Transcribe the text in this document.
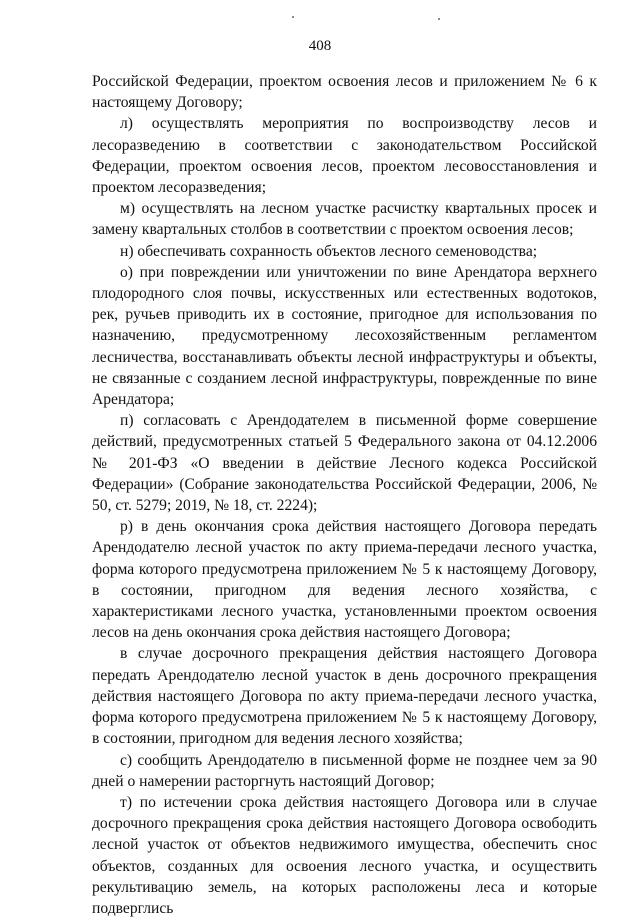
408

Российской Федерации, проектом освоения лесов и приложением № 6 к настоящему Договору;

л) осуществлять мероприятия по воспроизводству лесов и лесоразведению в соответствии с законодательством Российской Федерации, проектом освоения лесов, проектом лесовосстановления и проектом лесоразведения;

м) осуществлять на лесном участке расчистку квартальных просек и замену квартальных столбов в соответствии с проектом освоения лесов;

н) обеспечивать сохранность объектов лесного семеноводства;

о) при повреждении или уничтожении по вине Арендатора верхнего плодородного слоя почвы, искусственных или естественных водотоков, рек, ручьев приводить их в состояние, пригодное для использования по назначению, предусмотренному лесохозяйственным регламентом лесничества, восстанавливать объекты лесной инфраструктуры и объекты, не связанные с созданием лесной инфраструктуры, поврежденные по вине Арендатора;

п) согласовать с Арендодателем в письменной форме совершение действий, предусмотренных статьей 5 Федерального закона от 04.12.2006 № 201-ФЗ «О введении в действие Лесного кодекса Российской Федерации» (Собрание законодательства Российской Федерации, 2006, № 50, ст. 5279; 2019, № 18, ст. 2224);

р) в день окончания срока действия настоящего Договора передать Арендодателю лесной участок по акту приема-передачи лесного участка, форма которого предусмотрена приложением № 5 к настоящему Договору, в состоянии, пригодном для ведения лесного хозяйства, с характеристиками лесного участка, установленными проектом освоения лесов на день окончания срока действия настоящего Договора;

в случае досрочного прекращения действия настоящего Договора передать Арендодателю лесной участок в день досрочного прекращения действия настоящего Договора по акту приема-передачи лесного участка, форма которого предусмотрена приложением № 5 к настоящему Договору, в состоянии, пригодном для ведения лесного хозяйства;

с) сообщить Арендодателю в письменной форме не позднее чем за 90 дней о намерении расторгнуть настоящий Договор;

т) по истечении срока действия настоящего Договора или в случае досрочного прекращения срока действия настоящего Договора освободить лесной участок от объектов недвижимого имущества, обеспечить снос объектов, созданных для освоения лесного участка, и осуществить рекультивацию земель, на которых расположены леса и которые подверглись
